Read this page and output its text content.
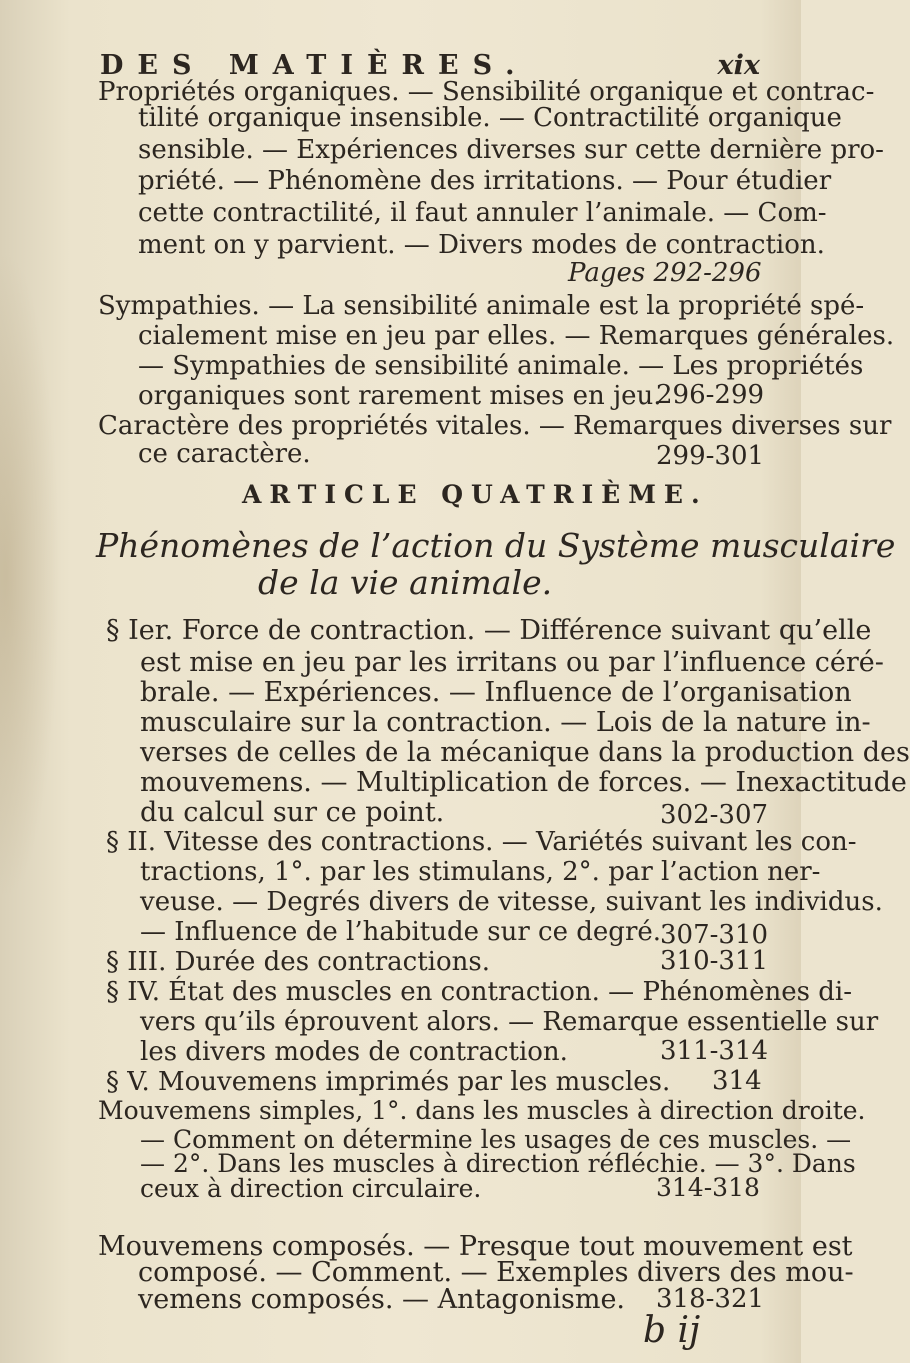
DES MATIÈRES.	xix
Propriétés organiques. — Sensibilité organique et contrac-
tilité organique insensible. — Contractilité organique
sensible. — Expériences diverses sur cette dernière pro-
priété. — Phénomène des irritations. — Pour étudier
cette contractilité, il faut annuler l’animale. — Com-
ment on y parvient. — Divers modes de contraction.
Pages 292-296
Sympathies. — La sensibilité animale est la propriété spé-
cialement mise en jeu par elles. — Remarques générales.
— Sympathies de sensibilité animale. — Les propriétés
organiques sont rarement mises en jeu.
296-299
Caractère des propriétés vitales. — Remarques diverses sur
ce caractère.	299-301
ARTICLE QUATRIÈME.
Phénomènes de l’action du Système musculaire
de la vie animale.
§ Ier. Force de contraction. — Différence suivant qu’elle
est mise en jeu par les irritans ou par l’influence céré-
brale. — Expériences. — Influence de l’organisation
musculaire sur la contraction. — Lois de la nature in-
verses de celles de la mécanique dans la production des
mouvemens. — Multiplication de forces. — Inexactitude
du calcul sur ce point.	302-307
§ II. Vitesse des contractions. — Variétés suivant les con-
tractions, 1°. par les stimulans, 2°. par l’action ner-
veuse. — Degrés divers de vitesse, suivant les individus.
— Influence de l’habitude sur ce degré.
307-310
§ III. Durée des contractions.	310-311
§ IV. État des muscles en contraction. — Phénomènes di-
vers qu’ils éprouvent alors. — Remarque essentielle sur
les divers modes de contraction.	311-314
§ V. Mouvemens imprimés par les muscles. 314
Mouvemens simples, 1°. dans les muscles à direction droite.
— Comment on détermine les usages de ces muscles. —
— 2°. Dans les muscles à direction réfléchie. — 3°. Dans
ceux à direction circulaire.	314-318
Mouvemens composés. — Presque tout mouvement est
composé. — Comment. — Exemples divers des mou-
vemens composés. — Antagonisme. 318-321
b ij
